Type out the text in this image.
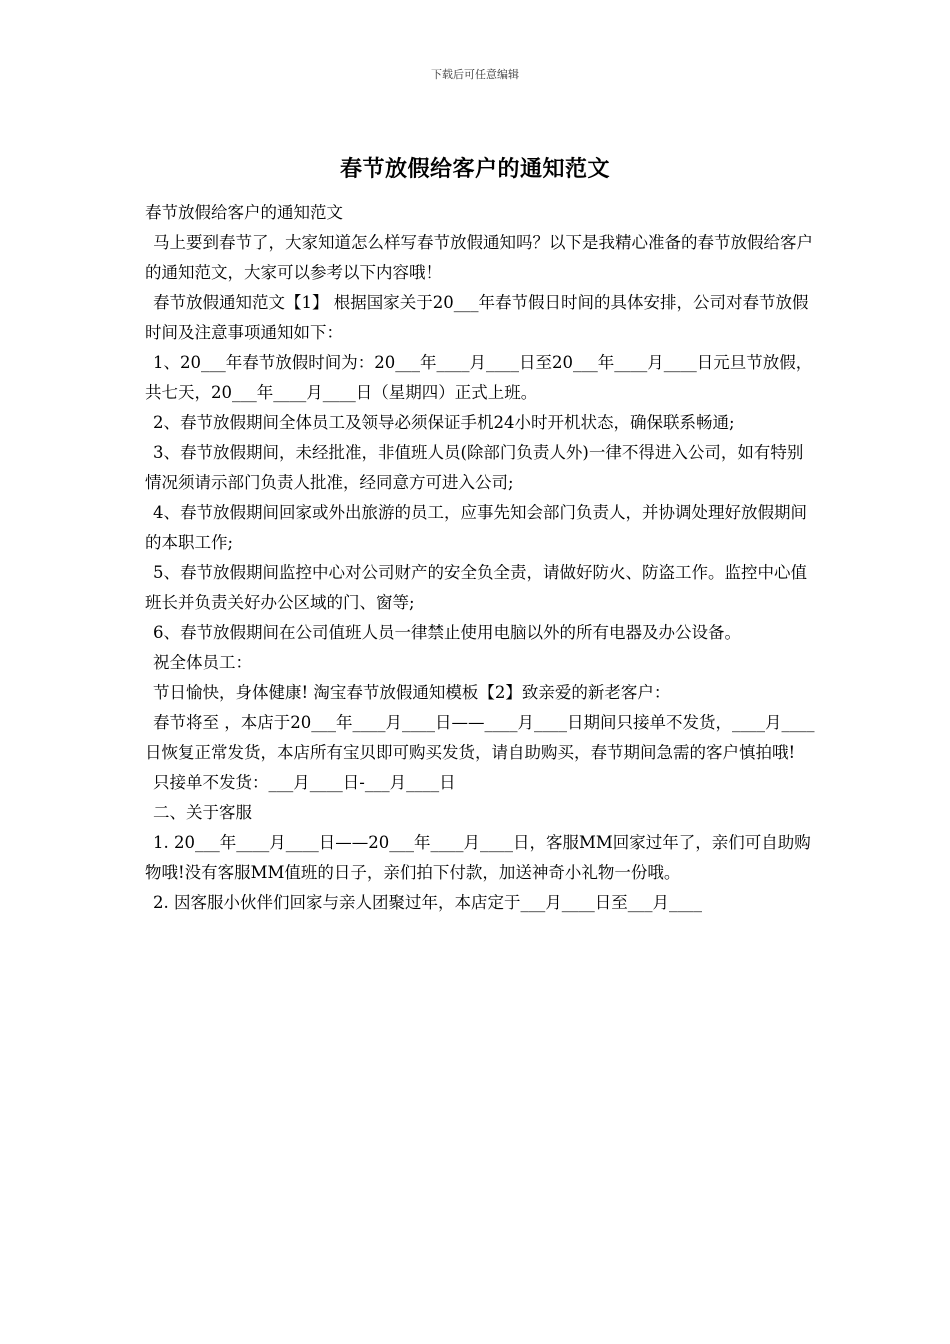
下载后可任意编辑
春节放假给客户的通知范文

春节放假给客户的通知范文

马上要到春节了，大家知道怎么样写春节放假通知吗？以下是我精心准备的春节放假给客户的通知范文，大家可以参考以下内容哦！

春节放假通知范文【1】 根据国家关于20___年春节假日时间的具体安排，公司对春节放假时间及注意事项通知如下：

1、20___年春节放假时间为：20___年____月____日至20___年____月____日元旦节放假，共七天，20___年____月____日（星期四）正式上班。

2、春节放假期间全体员工及领导必须保证手机24小时开机状态，确保联系畅通;

3、春节放假期间，未经批准，非值班人员(除部门负责人外)一律不得进入公司，如有特别情况须请示部门负责人批准，经同意方可进入公司;

4、春节放假期间回家或外出旅游的员工，应事先知会部门负责人，并协调处理好放假期间的本职工作;

5、春节放假期间监控中心对公司财产的安全负全责，请做好防火、防盗工作。监控中心值班长并负责关好办公区域的门、窗等;

6、春节放假期间在公司值班人员一律禁止使用电脑以外的所有电器及办公设备。

祝全体员工：

节日愉快，身体健康! 淘宝春节放假通知模板【2】致亲爱的新老客户：

春节将至 ，本店于20___年____月____日——____月____日期间只接单不发货，____月____日恢复正常发货，本店所有宝贝即可购买发货，请自助购买，春节期间急需的客户慎拍哦!

只接单不发货：___月____日-___月____日

二、关于客服

1. 20___年____月____日——20___年____月____日，客服MM回家过年了，亲们可自助购物哦!没有客服MM值班的日子，亲们拍下付款，加送神奇小礼物一份哦。

2. 因客服小伙伴们回家与亲人团聚过年，本店定于___月____日至___月____
